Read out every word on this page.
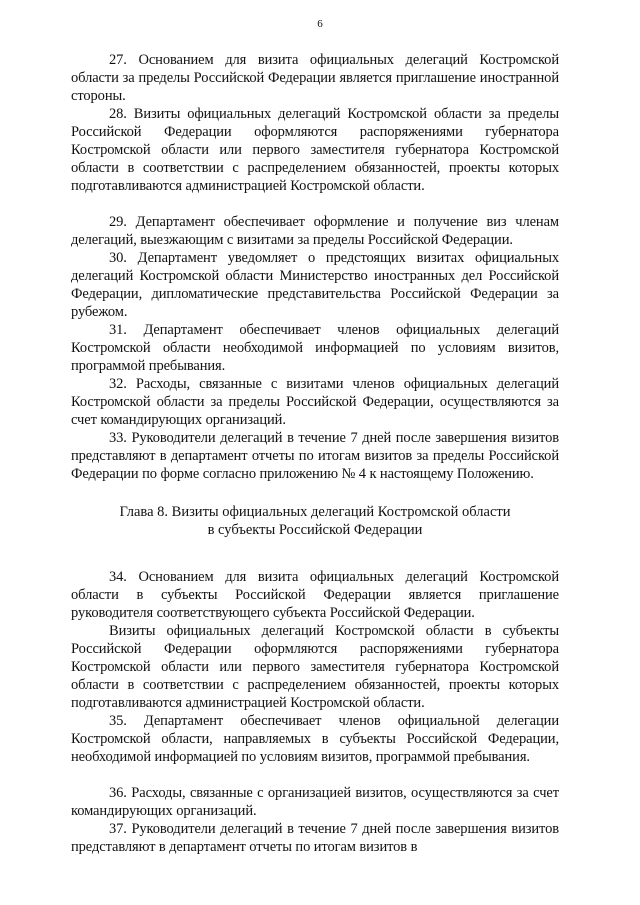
6

27. Основанием для визита официальных делегаций Костромской области за пределы Российской Федерации является приглашение иностранной стороны.

28. Визиты официальных делегаций Костромской области за пределы Российской Федерации оформляются распоряжениями губернатора Костромской области или первого заместителя губернатора Костромской области в соответствии с распределением обязанностей, проекты которых подготавливаются администрацией Костромской области.

29. Департамент обеспечивает оформление и получение виз членам делегаций, выезжающим с визитами за пределы Российской Федерации.

30. Департамент уведомляет о предстоящих визитах официальных делегаций Костромской области Министерство иностранных дел Российской Федерации, дипломатические представительства Российской Федерации за рубежом.

31. Департамент обеспечивает членов официальных делегаций Костромской области необходимой информацией по условиям визитов, программой пребывания.

32. Расходы, связанные с визитами членов официальных делегаций Костромской области за пределы Российской Федерации, осуществляются за счет командирующих организаций.

33. Руководители делегаций в течение 7 дней после завершения визитов представляют в департамент отчеты по итогам визитов за пределы Российской Федерации по форме согласно приложению № 4 к настоящему Положению.

Глава 8. Визиты официальных делегаций Костромской области
в субъекты Российской Федерации

34. Основанием для визита официальных делегаций Костромской области в субъекты Российской Федерации является приглашение руководителя соответствующего субъекта Российской Федерации.

Визиты официальных делегаций Костромской области в субъекты Российской Федерации оформляются распоряжениями губернатора Костромской области или первого заместителя губернатора Костромской области в соответствии с распределением обязанностей, проекты которых подготавливаются администрацией Костромской области.

35. Департамент обеспечивает членов официальной делегации Костромской области, направляемых в субъекты Российской Федерации, необходимой информацией по условиям визитов, программой пребывания.

36. Расходы, связанные с организацией визитов, осуществляются за счет командирующих организаций.

37. Руководители делегаций в течение 7 дней после завершения визитов представляют в департамент отчеты по итогам визитов в
